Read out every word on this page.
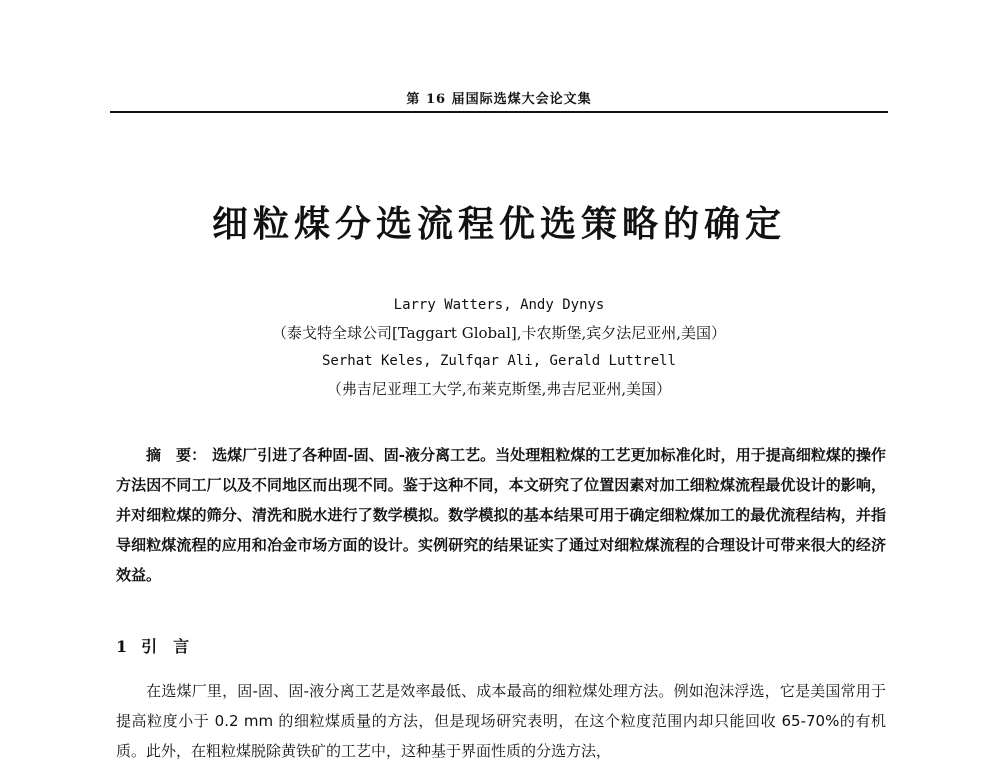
第 16 届国际选煤大会论文集
细粒煤分选流程优选策略的确定
Larry Watters, Andy Dynys
（泰戈特全球公司[Taggart Global],卡农斯堡,宾夕法尼亚州,美国）
Serhat Keles, Zulfqar Ali, Gerald Luttrell
（弗吉尼亚理工大学,布莱克斯堡,弗吉尼亚州,美国）
摘　要： 选煤厂引进了各种固-固、固-液分离工艺。当处理粗粒煤的工艺更加标准化时，用于提高细粒煤的操作方法因不同工厂以及不同地区而出现不同。鉴于这种不同，本文研究了位置因素对加工细粒煤流程最优设计的影响，并对细粒煤的筛分、清洗和脱水进行了数学模拟。数学模拟的基本结果可用于确定细粒煤加工的最优流程结构，并指导细粒煤流程的应用和冶金市场方面的设计。实例研究的结果证实了通过对细粒煤流程的合理设计可带来很大的经济效益。
1 引　言
在选煤厂里，固-固、固-液分离工艺是效率最低、成本最高的细粒煤处理方法。例如泡沫浮选，它是美国常用于提高粒度小于 0.2 mm 的细粒煤质量的方法，但是现场研究表明，在这个粒度范围内却只能回收 65-70%的有机质。此外，在粗粒煤脱除黄铁矿的工艺中，这种基于界面性质的分选方法，
